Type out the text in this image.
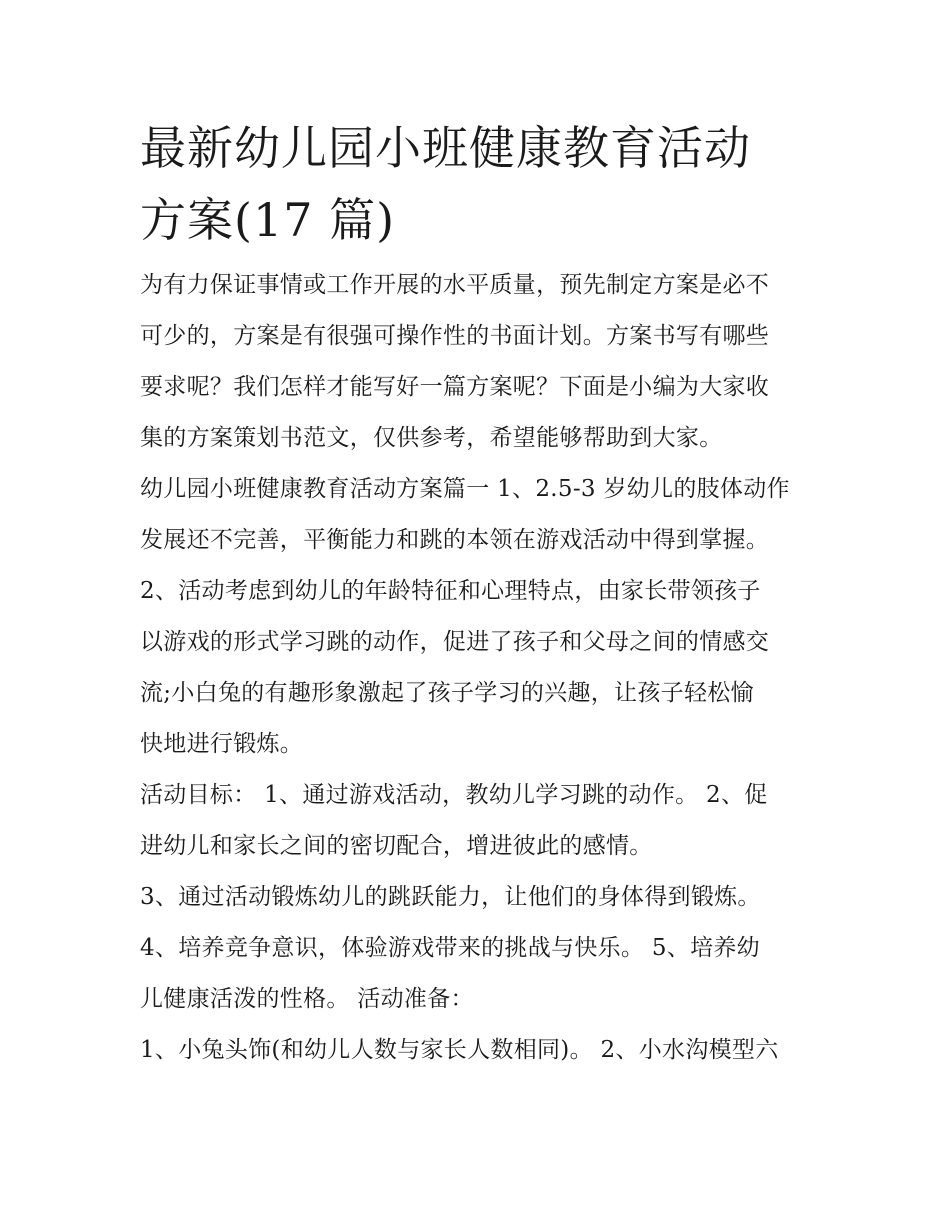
最新幼儿园小班健康教育活动
方案(17 篇)

为有力保证事情或工作开展的水平质量，预先制定方案是必不
可少的，方案是有很强可操作性的书面计划。方案书写有哪些
要求呢？我们怎样才能写好一篇方案呢？下面是小编为大家收
集的方案策划书范文，仅供参考，希望能够帮助到大家。

幼儿园小班健康教育活动方案篇一 1、2.5-3 岁幼儿的肢体动作
发展还不完善，平衡能力和跳的本领在游戏活动中得到掌握。

2、活动考虑到幼儿的年龄特征和心理特点，由家长带领孩子
以游戏的形式学习跳的动作，促进了孩子和父母之间的情感交
流;小白兔的有趣形象激起了孩子学习的兴趣，让孩子轻松愉
快地进行锻炼。

活动目标： 1、通过游戏活动，教幼儿学习跳的动作。 2、促
进幼儿和家长之间的密切配合，增进彼此的感情。

3、通过活动锻炼幼儿的跳跃能力，让他们的身体得到锻炼。

4、培养竞争意识，体验游戏带来的挑战与快乐。 5、培养幼
儿健康活泼的性格。 活动准备：

1、小兔头饰(和幼儿人数与家长人数相同)。 2、小水沟模型六
